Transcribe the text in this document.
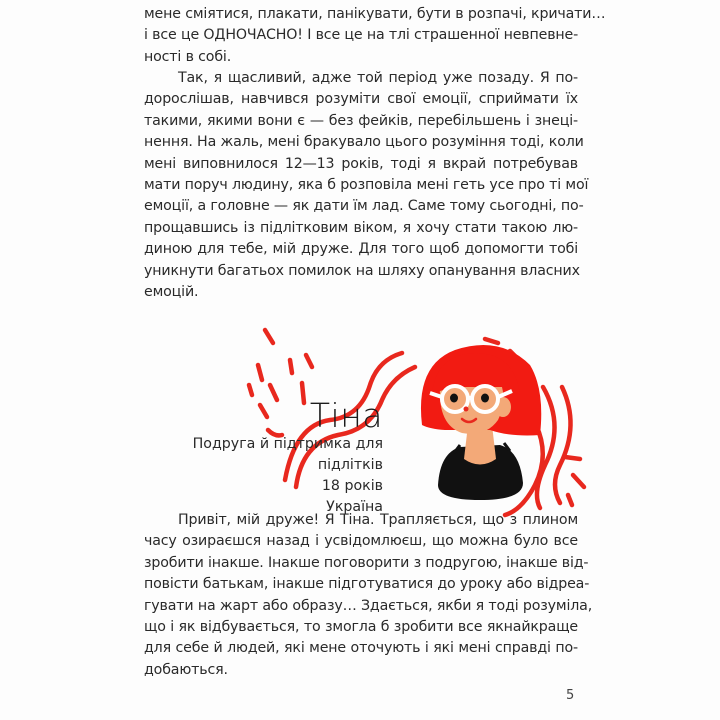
мене сміятися, плакати, панікувати, бути в розпачі, кричати…
і все це ОДНОЧАСНО! І все це на тлі страшенної невпевне-
ності в собі.
Так, я щасливий, адже той період уже позаду. Я по-
дорослішав, навчився розуміти свої емоції, сприймати їх
такими, якими вони є — без фейків, перебільшень і знеці-
нення. На жаль, мені бракувало цього розуміння тоді, коли
мені виповнилося 12—13 років, тоді я вкрай потребував
мати поруч людину, яка б розповіла мені геть усе про ті мої
емоції, а головне — як дати їм лад. Саме тому сьогодні, по-
прощавшись із підлітковим віком, я хочу стати такою лю-
диною для тебе, мій друже. Для того щоб допомогти тобі
уникнути багатьох помилок на шляху опанування власних
емоцій.
Тіна
Подруга й підтримка для підлітків
18 років
Україна
Привіт, мій друже! Я Тіна. Трапляється, що з плином
часу озираєшся назад і усвідомлюєш, що можна було все
зробити інакше. Інакше поговорити з подругою, інакше від-
повісти батькам, інакше підготуватися до уроку або відреа-
гувати на жарт або образу… Здається, якби я тоді розуміла,
що і як відбувається, то змогла б зробити все якнайкраще
для себе й людей, які мене оточують і які мені справді по-
добаються.
5
